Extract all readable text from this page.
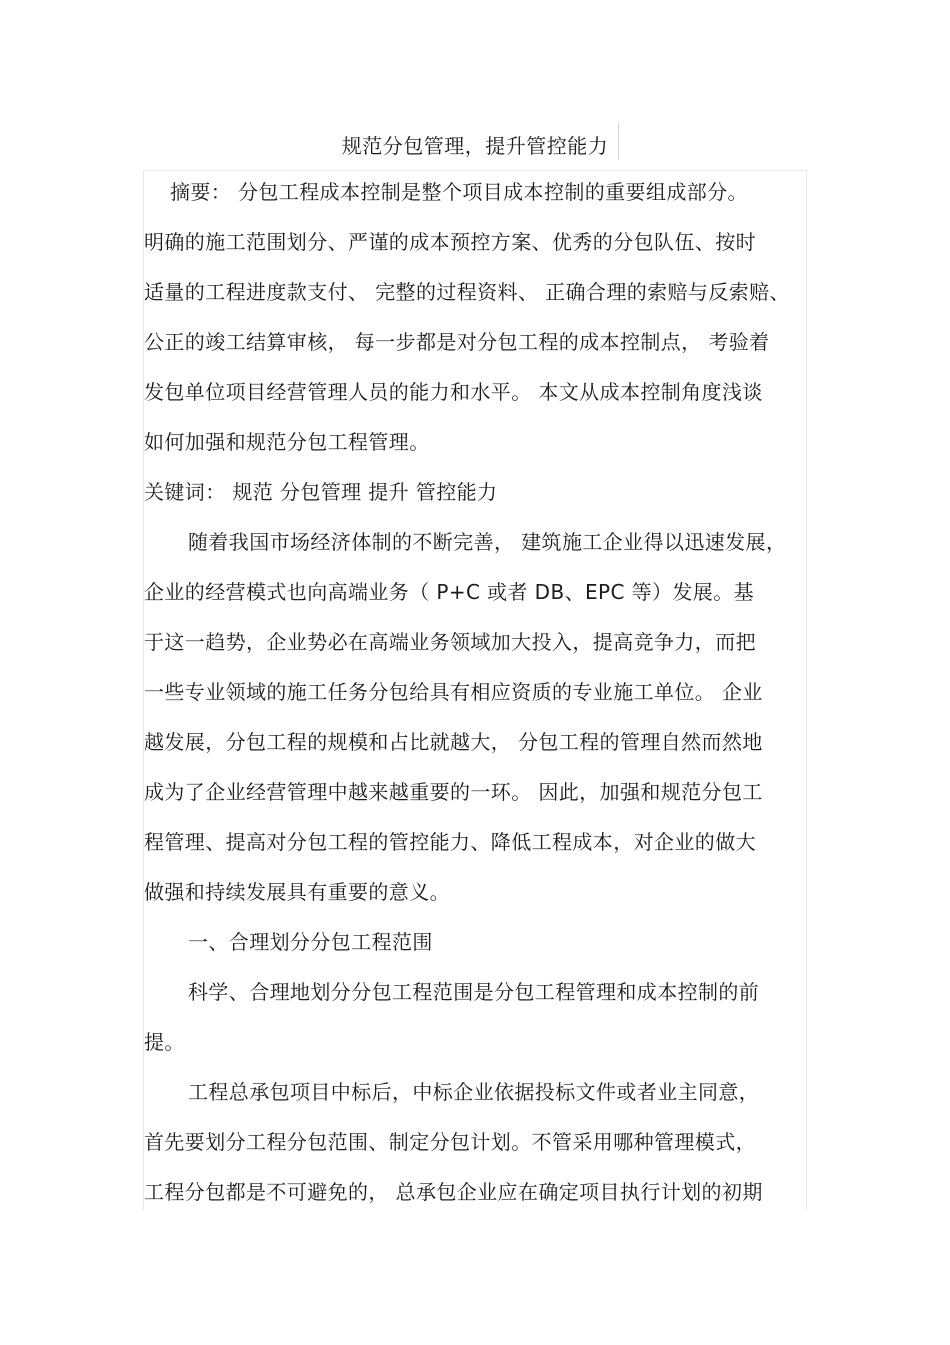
规范分包管理，提升管控能力
摘要： 分包工程成本控制是整个项目成本控制的重要组成部分。
明确的施工范围划分、严谨的成本预控方案、优秀的分包队伍、按时
适量的工程进度款支付、 完整的过程资料、 正确合理的索赔与反索赔、
公正的竣工结算审核， 每一步都是对分包工程的成本控制点， 考验着
发包单位项目经营管理人员的能力和水平。 本文从成本控制角度浅谈
如何加强和规范分包工程管理。
关键词： 规范 分包管理 提升 管控能力
随着我国市场经济体制的不断完善， 建筑施工企业得以迅速发展，
企业的经营模式也向高端业务（ P+C 或者 DB、EPC 等）发展。基
于这一趋势，企业势必在高端业务领域加大投入，提高竞争力，而把
一些专业领域的施工任务分包给具有相应资质的专业施工单位。 企业
越发展，分包工程的规模和占比就越大， 分包工程的管理自然而然地
成为了企业经营管理中越来越重要的一环。 因此，加强和规范分包工
程管理、提高对分包工程的管控能力、降低工程成本，对企业的做大
做强和持续发展具有重要的意义。
一、合理划分分包工程范围
科学、合理地划分分包工程范围是分包工程管理和成本控制的前
提。
工程总承包项目中标后，中标企业依据投标文件或者业主同意，
首先要划分工程分包范围、制定分包计划。不管采用哪种管理模式，
工程分包都是不可避免的， 总承包企业应在确定项目执行计划的初期
